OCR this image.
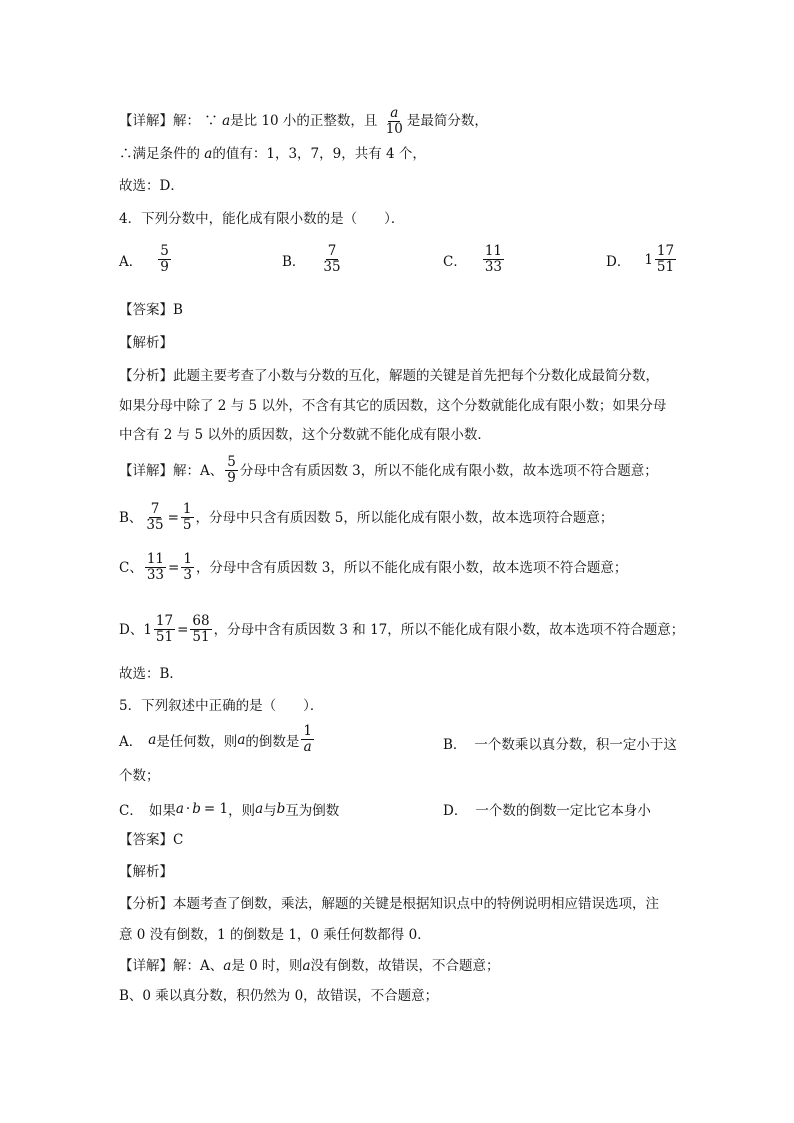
【详解】解： ∵ a是比 10 小的正整数，且 $\frac{a}{10}$ 是最简分数，
∴满足条件的 a的值有：1，3，7，9，共有 4 个，
故选：D．
4．下列分数中，能化成有限小数的是（　　）．
A． $\frac{5}{9}$	B． $\frac{7}{35}$	C． $\frac{11}{33}$	D． $1 \frac{17}{51}$
【答案】B
【解析】
【分析】此题主要考查了小数与分数的互化，解题的关键是首先把每个分数化成最简分数，
如果分母中除了 2 与 5 以外，不含有其它的质因数，这个分数就能化成有限小数；如果分母
中含有 2 与 5 以外的质因数，这个分数就不能化成有限小数．
【详解】解：A、 $\frac{5}{9}$ 分母中含有质因数 3，所以不能化成有限小数，故本选项不符合题意；
B、 $\frac{7}{35} = \frac{1}{5}$ ，分母中只含有质因数 5，所以能化成有限小数，故本选项符合题意；
C、 $\frac{11}{33} = \frac{1}{3}$ ，分母中含有质因数 3，所以不能化成有限小数，故本选项不符合题意；
D、 $1 \frac{17}{51} = \frac{68}{51}$ ，分母中含有质因数 3 和 17，所以不能化成有限小数，故本选项不符合题意；
故选：B．
5．下列叙述中正确的是（　　）．
A． a 是任何数，则 a 的倒数是 $\frac{1}{a}$	B． 一个数乘以真分数，积一定小于这
个数；
C． 如果 a · b = 1 ，则 a 与 b 互为倒数	D． 一个数的倒数一定比它本身小
【答案】C
【解析】
【分析】本题考查了倒数，乘法，解题的关键是根据知识点中的特例说明相应错误选项，注
意 0 没有倒数，1 的倒数是 1，0 乘任何数都得 0．
【详解】解：A、a是 0 时，则a没有倒数，故错误，不合题意；
B、0 乘以真分数，积仍然为 0，故错误，不合题意；
